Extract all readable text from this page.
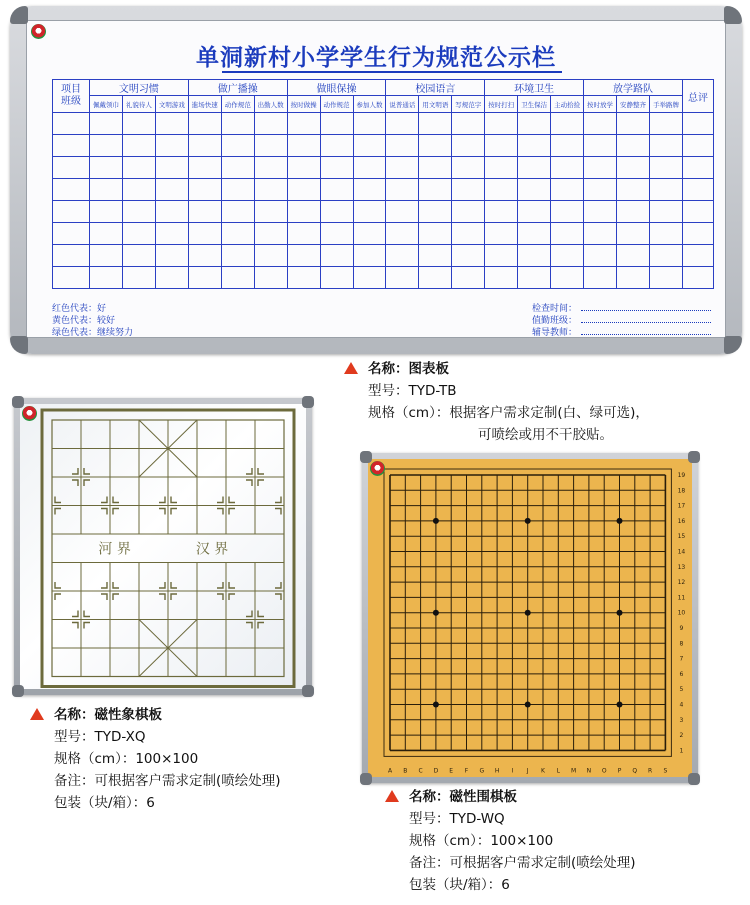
单洞新村小学学生行为规范公示栏
项目
班级	文明习惯			做广播操			做眼保操			校园语言			环境卫生			放学路队			总评
	佩戴领巾	礼貌待人	文明游戏	進场快速	动作规范	出勤人数	按时做操	动作规范	参加人数	说普通话	用文明语	写规范字	按时打扫	卫生保洁	主动拾捡	按时放学	安静整齐	手举路牌	

红色代表：好
黄色代表：较好
绿色代表：继续努力
检查时间：
值勤班级：
辅导教师：
名称：图表板
型号：TYD-TB
规格（cm）：根据客户需求定制(白、绿可选)，
可喷绘或用不干胶贴。
河 界	汉 界
名称：磁性象棋板
型号：TYD-XQ
规格（cm）：100×100
备注：可根据客户需求定制(喷绘处理)
包装（块/箱）：6
A B C D E F G H I J K L M N O P Q R S
19
18
17
16
15
14
13
12
11
10
9
8
7
6
5
4
3
2
1
名称：磁性围棋板
型号：TYD-WQ
规格（cm）：100×100
备注：可根据客户需求定制(喷绘处理)
包装（块/箱）：6
